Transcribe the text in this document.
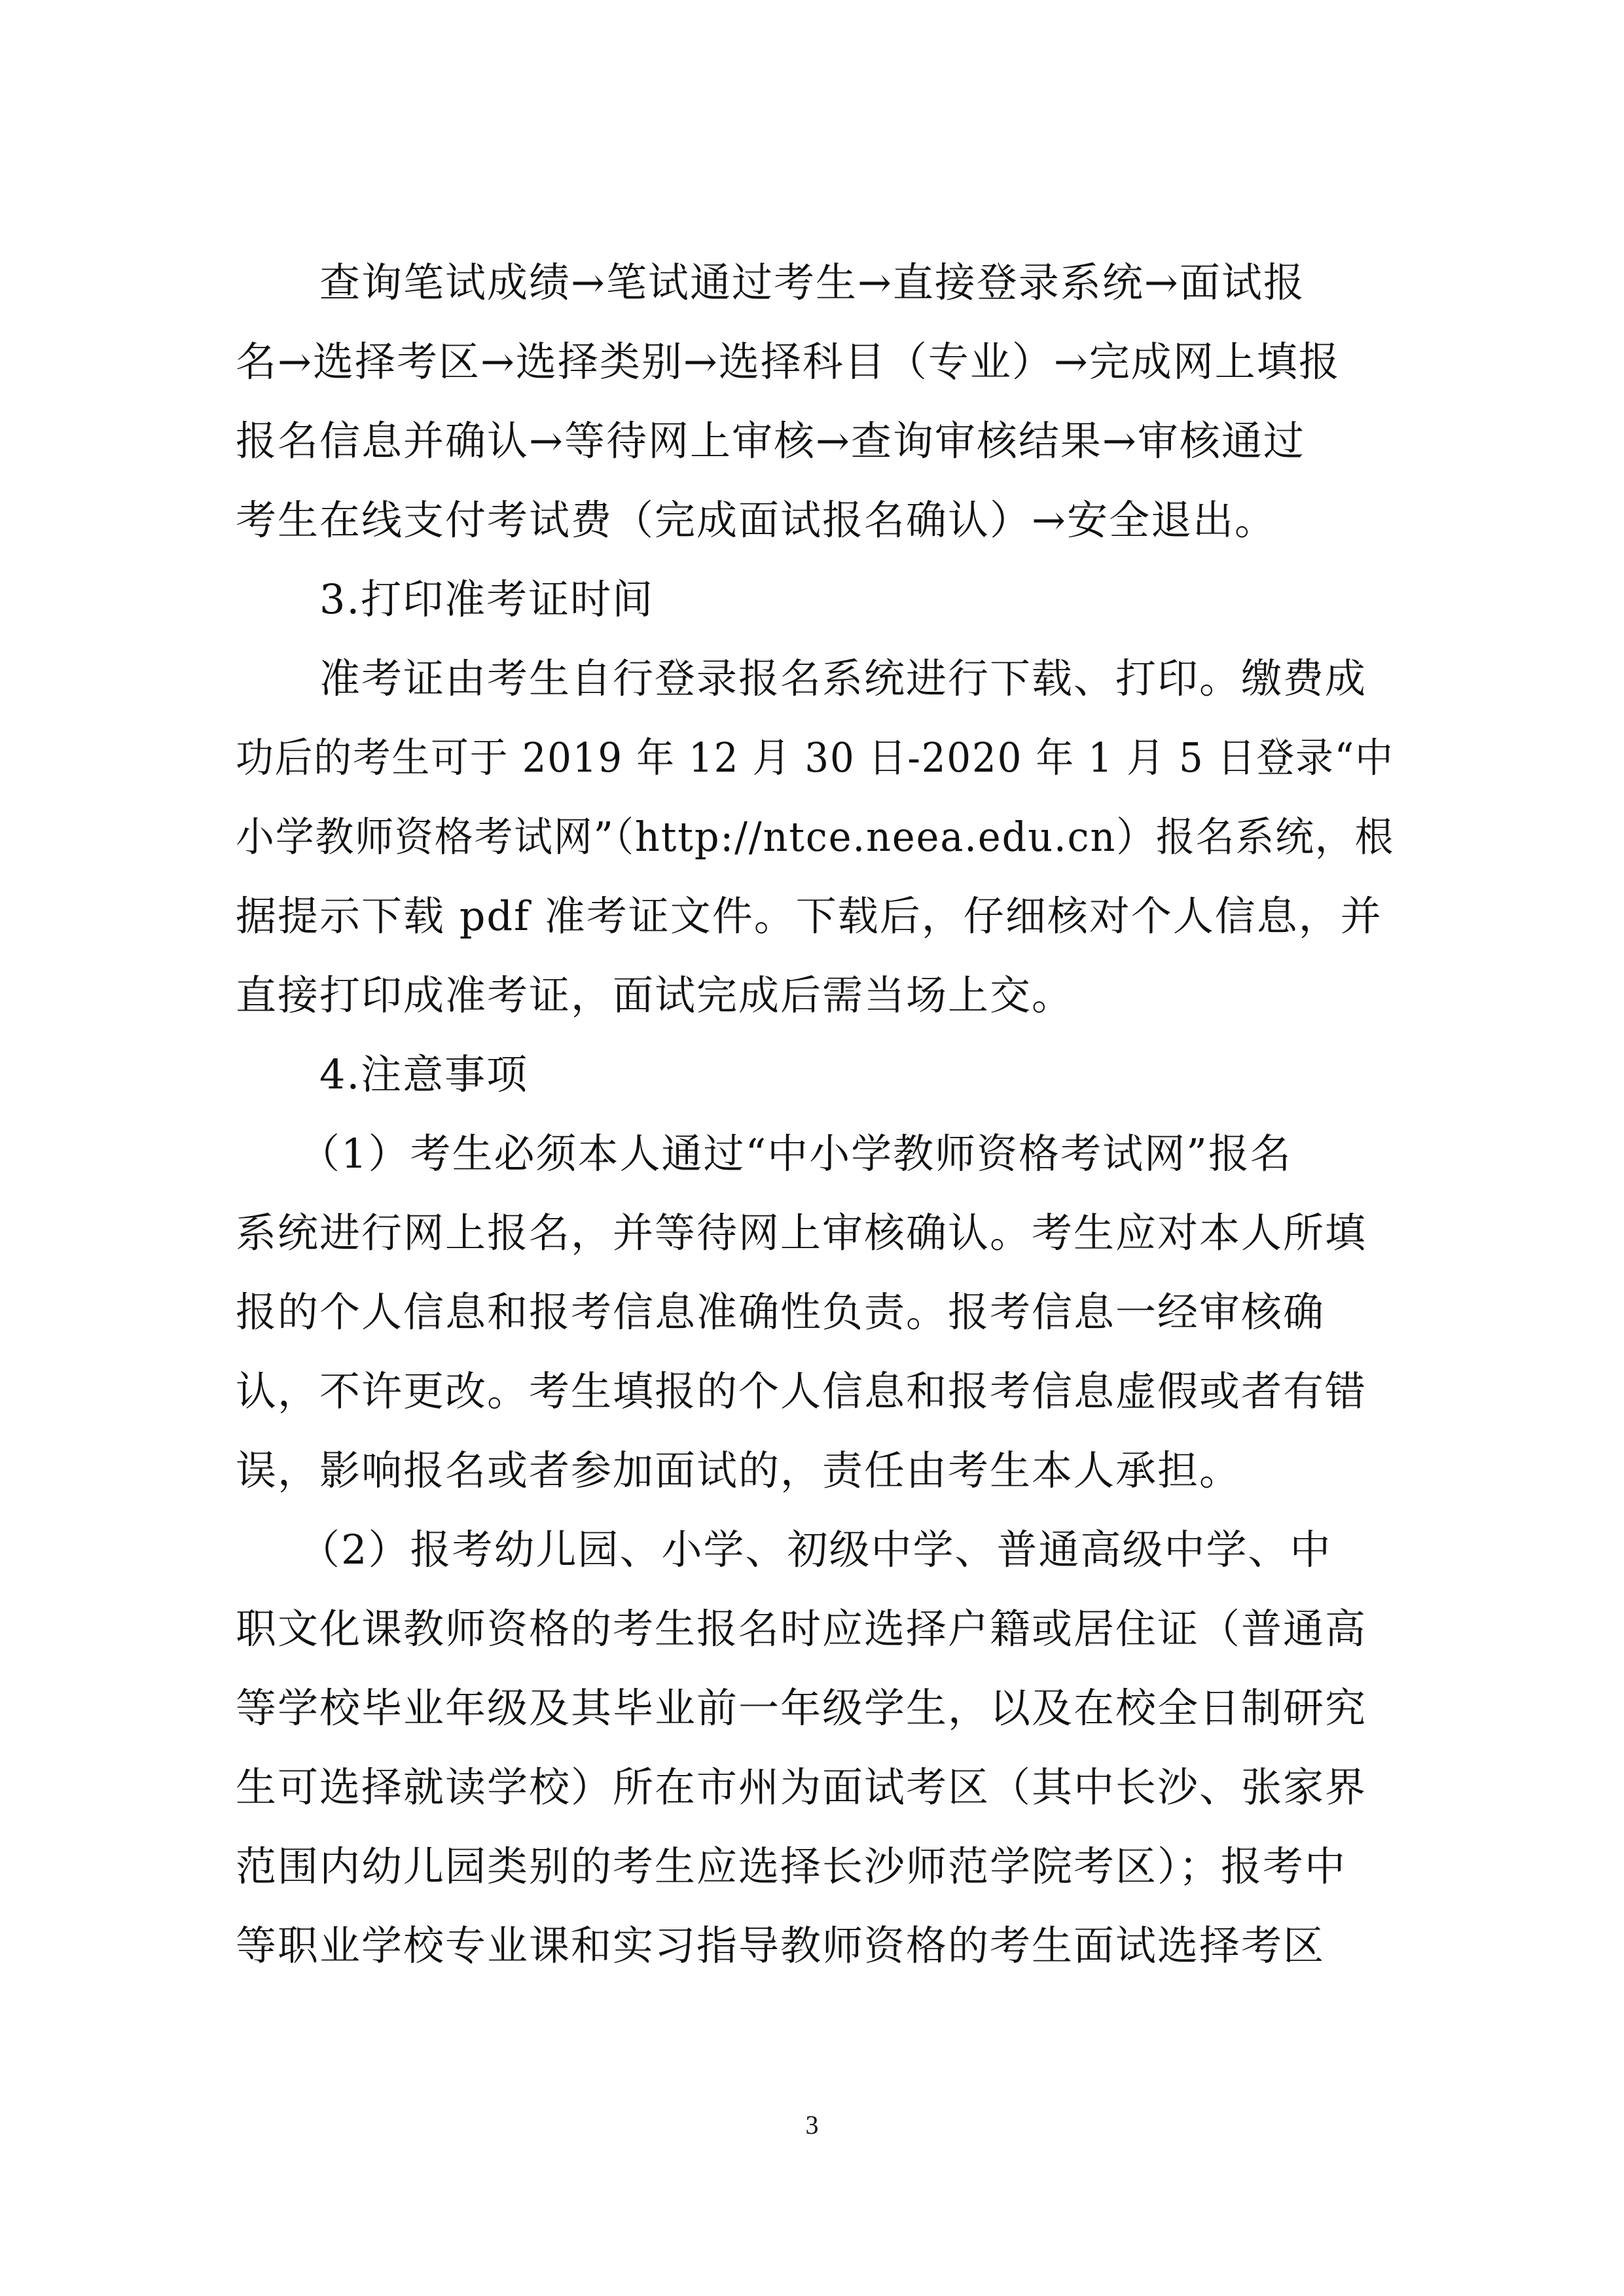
　　查询笔试成绩→笔试通过考生→直接登录系统→面试报
名→选择考区→选择类别→选择科目（专业）→完成网上填报
报名信息并确认→等待网上审核→查询审核结果→审核通过
考生在线支付考试费（完成面试报名确认）→安全退出。
　　3.打印准考证时间
　　准考证由考生自行登录报名系统进行下载、打印。缴费成
功后的考生可于 2019 年 12 月 30 日-2020 年 1 月 5 日登录“中
小学教师资格考试网”（http://ntce.neea.edu.cn）报名系统，根
据提示下载 pdf 准考证文件。下载后，仔细核对个人信息，并
直接打印成准考证，面试完成后需当场上交。
　　4.注意事项
　　（1）考生必须本人通过“中小学教师资格考试网”报名
系统进行网上报名，并等待网上审核确认。考生应对本人所填
报的个人信息和报考信息准确性负责。报考信息一经审核确
认，不许更改。考生填报的个人信息和报考信息虚假或者有错
误，影响报名或者参加面试的，责任由考生本人承担。
　　（2）报考幼儿园、小学、初级中学、普通高级中学、中
职文化课教师资格的考生报名时应选择户籍或居住证（普通高
等学校毕业年级及其毕业前一年级学生，以及在校全日制研究
生可选择就读学校）所在市州为面试考区（其中长沙、张家界
范围内幼儿园类别的考生应选择长沙师范学院考区）；报考中
等职业学校专业课和实习指导教师资格的考生面试选择考区
3
